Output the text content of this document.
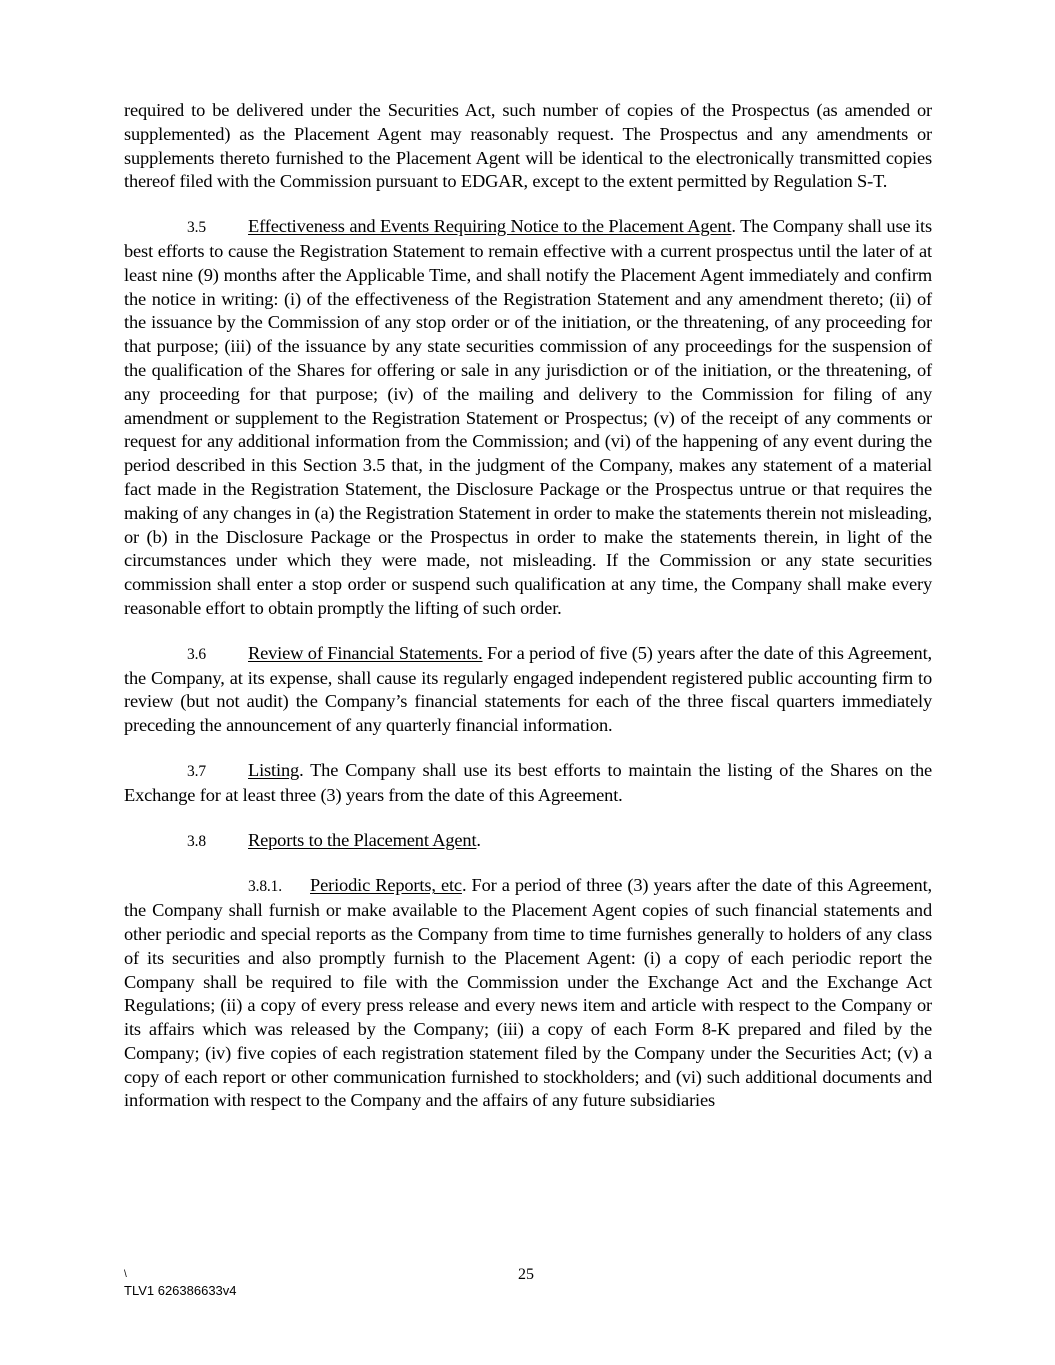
required to be delivered under the Securities Act, such number of copies of the Prospectus (as amended or supplemented) as the Placement Agent may reasonably request. The Prospectus and any amendments or supplements thereto furnished to the Placement Agent will be identical to the electronically transmitted copies thereof filed with the Commission pursuant to EDGAR, except to the extent permitted by Regulation S-T.

3.5 Effectiveness and Events Requiring Notice to the Placement Agent. The Company shall use its best efforts to cause the Registration Statement to remain effective with a current prospectus until the later of at least nine (9) months after the Applicable Time, and shall notify the Placement Agent immediately and confirm the notice in writing: (i) of the effectiveness of the Registration Statement and any amendment thereto; (ii) of the issuance by the Commission of any stop order or of the initiation, or the threatening, of any proceeding for that purpose; (iii) of the issuance by any state securities commission of any proceedings for the suspension of the qualification of the Shares for offering or sale in any jurisdiction or of the initiation, or the threatening, of any proceeding for that purpose; (iv) of the mailing and delivery to the Commission for filing of any amendment or supplement to the Registration Statement or Prospectus; (v) of the receipt of any comments or request for any additional information from the Commission; and (vi) of the happening of any event during the period described in this Section 3.5 that, in the judgment of the Company, makes any statement of a material fact made in the Registration Statement, the Disclosure Package or the Prospectus untrue or that requires the making of any changes in (a) the Registration Statement in order to make the statements therein not misleading, or (b) in the Disclosure Package or the Prospectus in order to make the statements therein, in light of the circumstances under which they were made, not misleading. If the Commission or any state securities commission shall enter a stop order or suspend such qualification at any time, the Company shall make every reasonable effort to obtain promptly the lifting of such order.

3.6 Review of Financial Statements. For a period of five (5) years after the date of this Agreement, the Company, at its expense, shall cause its regularly engaged independent registered public accounting firm to review (but not audit) the Company’s financial statements for each of the three fiscal quarters immediately preceding the announcement of any quarterly financial information.

3.7 Listing. The Company shall use its best efforts to maintain the listing of the Shares on the Exchange for at least three (3) years from the date of this Agreement.

3.8 Reports to the Placement Agent.

3.8.1. Periodic Reports, etc. For a period of three (3) years after the date of this Agreement, the Company shall furnish or make available to the Placement Agent copies of such financial statements and other periodic and special reports as the Company from time to time furnishes generally to holders of any class of its securities and also promptly furnish to the Placement Agent: (i) a copy of each periodic report the Company shall be required to file with the Commission under the Exchange Act and the Exchange Act Regulations; (ii) a copy of every press release and every news item and article with respect to the Company or its affairs which was released by the Company; (iii) a copy of each Form 8-K prepared and filed by the Company; (iv) five copies of each registration statement filed by the Company under the Securities Act; (v) a copy of each report or other communication furnished to stockholders; and (vi) such additional documents and information with respect to the Company and the affairs of any future subsidiaries

\
TLV1 626386633v4
25
